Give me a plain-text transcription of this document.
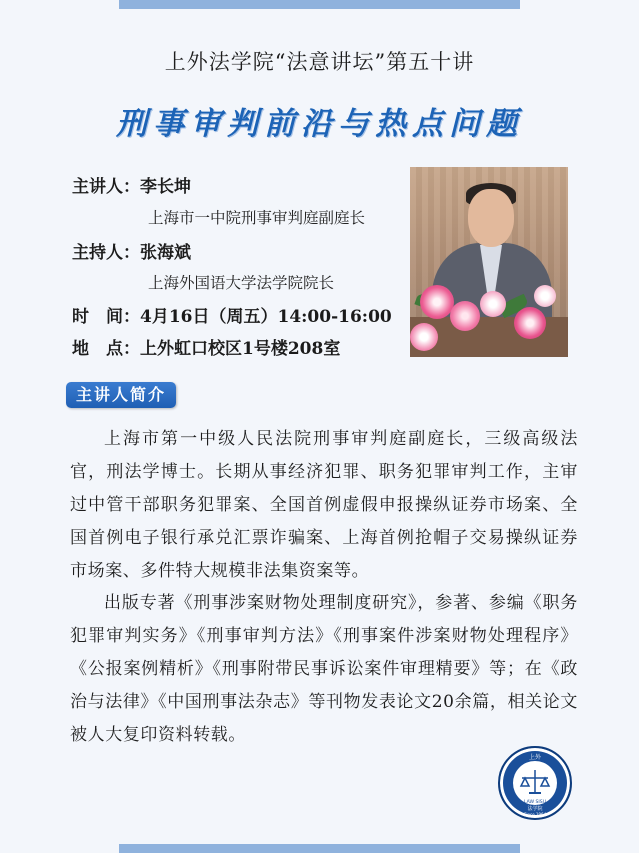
上外法学院“法意讲坛”第五十讲
刑事审判前沿与热点问题
主讲人：李长坤
上海市一中院刑事审判庭副庭长
主持人：张海斌
上海外国语大学法学院院长
时　间：4月16日（周五）14:00-16:00
地　点：上外虹口校区1号楼208室
主讲人简介
上海市第一中级人民法院刑事审判庭副庭长，三级高级法官，刑法学博士。长期从事经济犯罪、职务犯罪审判工作，主审过中管干部职务犯罪案、全国首例虚假申报操纵证券市场案、全国首例电子银行承兑汇票诈骗案、上海首例抢帽子交易操纵证券市场案、多件特大规模非法集资案等。
出版专著《刑事涉案财物处理制度研究》，参著、参编《职务犯罪审判实务》《刑事审判方法》《刑事案件涉案财物处理程序》《公报案例精析》《刑事附带民事诉讼案件审理精要》等；在《政治与法律》《中国刑事法杂志》等刊物发表论文20余篇，相关论文被人大复印资料转载。
上外
LAW SISU
法学院
Since 1964
